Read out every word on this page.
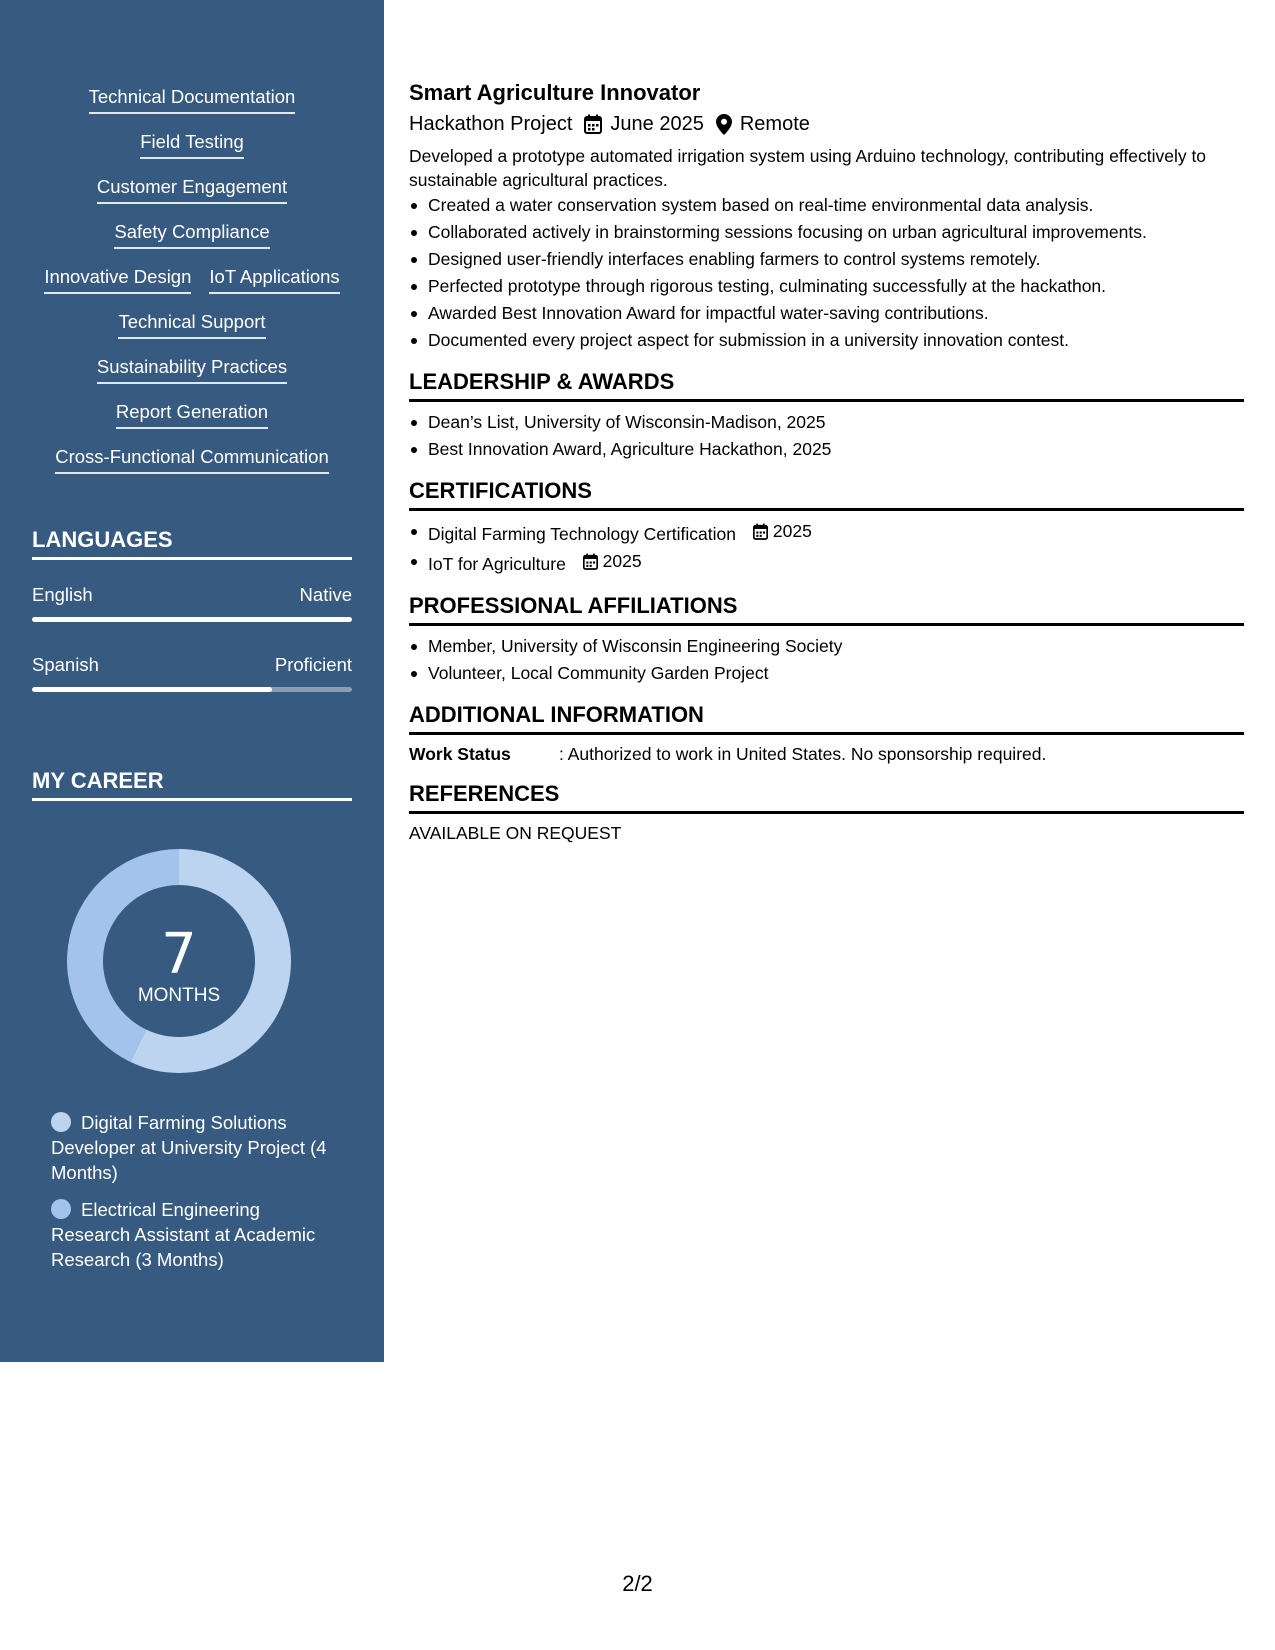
Technical Documentation
Field Testing
Customer Engagement
Safety Compliance
Innovative Design IoT Applications
Technical Support
Sustainability Practices
Report Generation
Cross-Functional Communication
LANGUAGES
English	Native
Spanish	Proficient
MY CAREER
7
MONTHS
Digital Farming Solutions Developer at University Project (4 Months)
Electrical Engineering Research Assistant at Academic Research (3 Months)
Smart Agriculture Innovator
Hackathon Project June 2025 Remote
Developed a prototype automated irrigation system using Arduino technology, contributing effectively to sustainable agricultural practices.
Created a water conservation system based on real-time environmental data analysis.
Collaborated actively in brainstorming sessions focusing on urban agricultural improvements.
Designed user-friendly interfaces enabling farmers to control systems remotely.
Perfected prototype through rigorous testing, culminating successfully at the hackathon.
Awarded Best Innovation Award for impactful water-saving contributions.
Documented every project aspect for submission in a university innovation contest.
LEADERSHIP & AWARDS
Dean’s List, University of Wisconsin-Madison, 2025
Best Innovation Award, Agriculture Hackathon, 2025
CERTIFICATIONS
Digital Farming Technology Certification 2025
IoT for Agriculture 2025
PROFESSIONAL AFFILIATIONS
Member, University of Wisconsin Engineering Society
Volunteer, Local Community Garden Project
ADDITIONAL INFORMATION
Work Status	: Authorized to work in United States. No sponsorship required.
REFERENCES
AVAILABLE ON REQUEST
2/2
